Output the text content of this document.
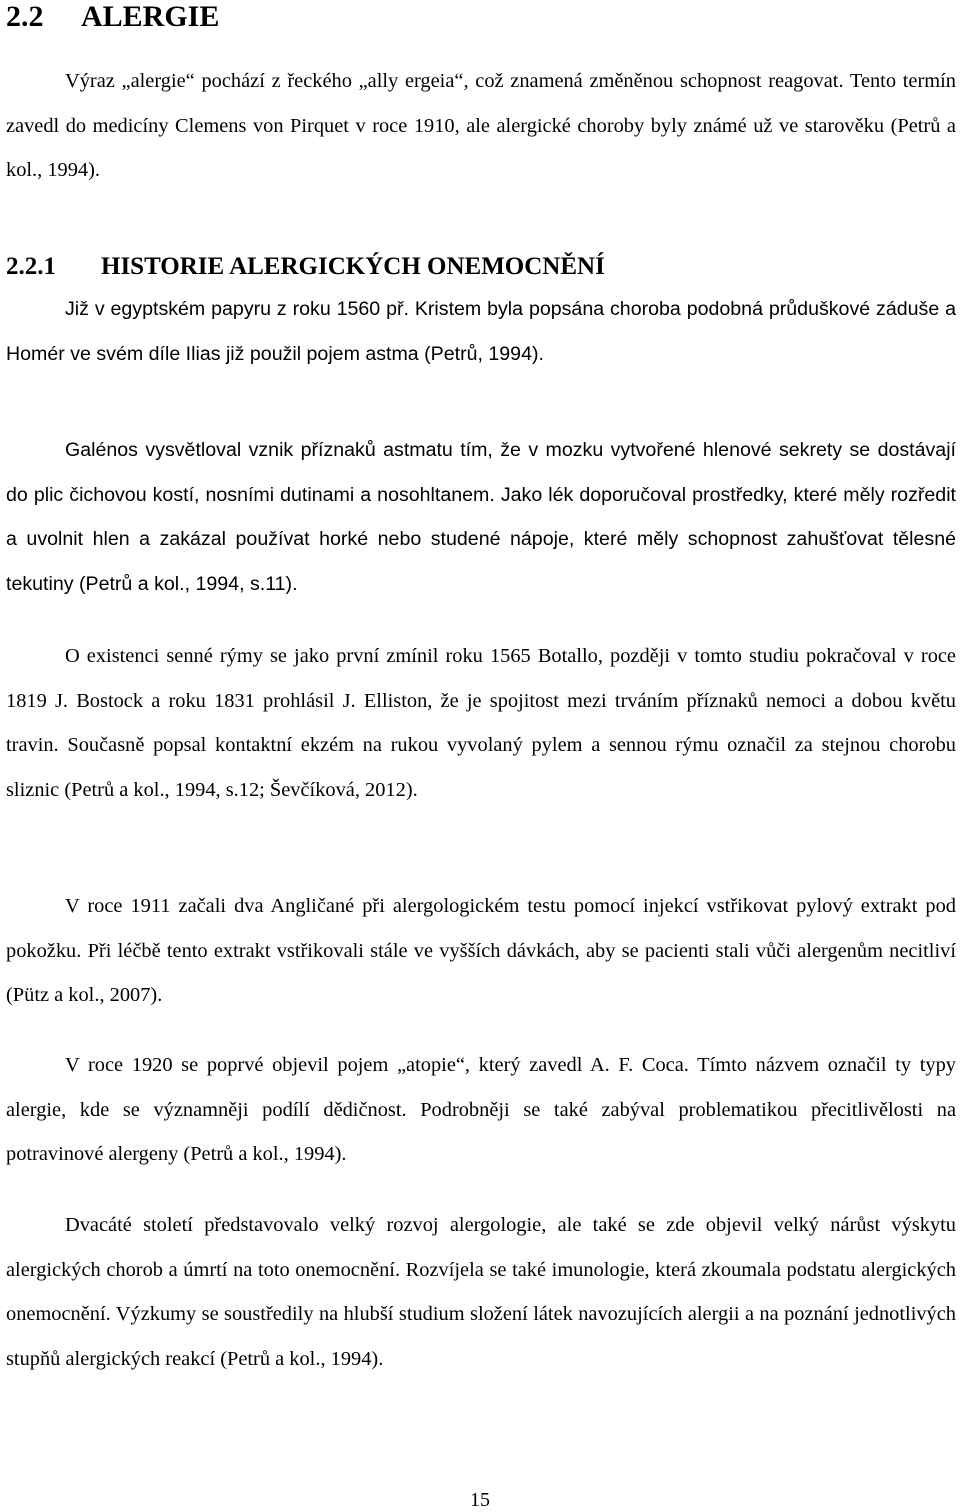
2.2 ALERGIE

Výraz „alergie“ pochází z řeckého „ally ergeia“, což znamená změněnou schopnost reagovat. Tento termín zavedl do medicíny Clemens von Pirquet v roce 1910, ale alergické choroby byly známé už ve starověku (Petrů a kol., 1994).

2.2.1 HISTORIE ALERGICKÝCH ONEMOCNĚNÍ

Již v egyptském papyru z roku 1560 př. Kristem byla popsána choroba podobná průduškové záduše a Homér ve svém díle Ilias již použil pojem astma (Petrů, 1994).

Galénos vysvětloval vznik příznaků astmatu tím, že v mozku vytvořené hlenové sekrety se dostávají do plic čichovou kostí, nosními dutinami a nosohltanem. Jako lék doporučoval prostředky, které měly rozředit a uvolnit hlen a zakázal používat horké nebo studené nápoje, které měly schopnost zahušťovat tělesné tekutiny (Petrů a kol., 1994, s.11).

O existenci senné rýmy se jako první zmínil roku 1565 Botallo, později v tomto studiu pokračoval v roce 1819 J. Bostock a roku 1831 prohlásil J. Elliston, že je spojitost mezi trváním příznaků nemoci a dobou květu travin. Současně popsal kontaktní ekzém na rukou vyvolaný pylem a sennou rýmu označil za stejnou chorobu sliznic (Petrů a kol., 1994, s.12; Ševčíková, 2012).

V roce 1911 začali dva Angličané při alergologickém testu pomocí injekcí vstřikovat pylový extrakt pod pokožku. Při léčbě tento extrakt vstřikovali stále ve vyšších dávkách, aby se pacienti stali vůči alergenům necitliví (Pütz a kol., 2007).

V roce 1920 se poprvé objevil pojem „atopie“, který zavedl A. F. Coca. Tímto názvem označil ty typy alergie, kde se významněji podílí dědičnost. Podrobněji se také zabýval problematikou přecitlivělosti na potravinové alergeny (Petrů a kol., 1994).

Dvacáté století představovalo velký rozvoj alergologie, ale také se zde objevil velký nárůst výskytu alergických chorob a úmrtí na toto onemocnění. Rozvíjela se také imunologie, která zkoumala podstatu alergických onemocnění. Výzkumy se soustředily na hlubší studium složení látek navozujících alergii a na poznání jednotlivých stupňů alergických reakcí (Petrů a kol., 1994).

15
